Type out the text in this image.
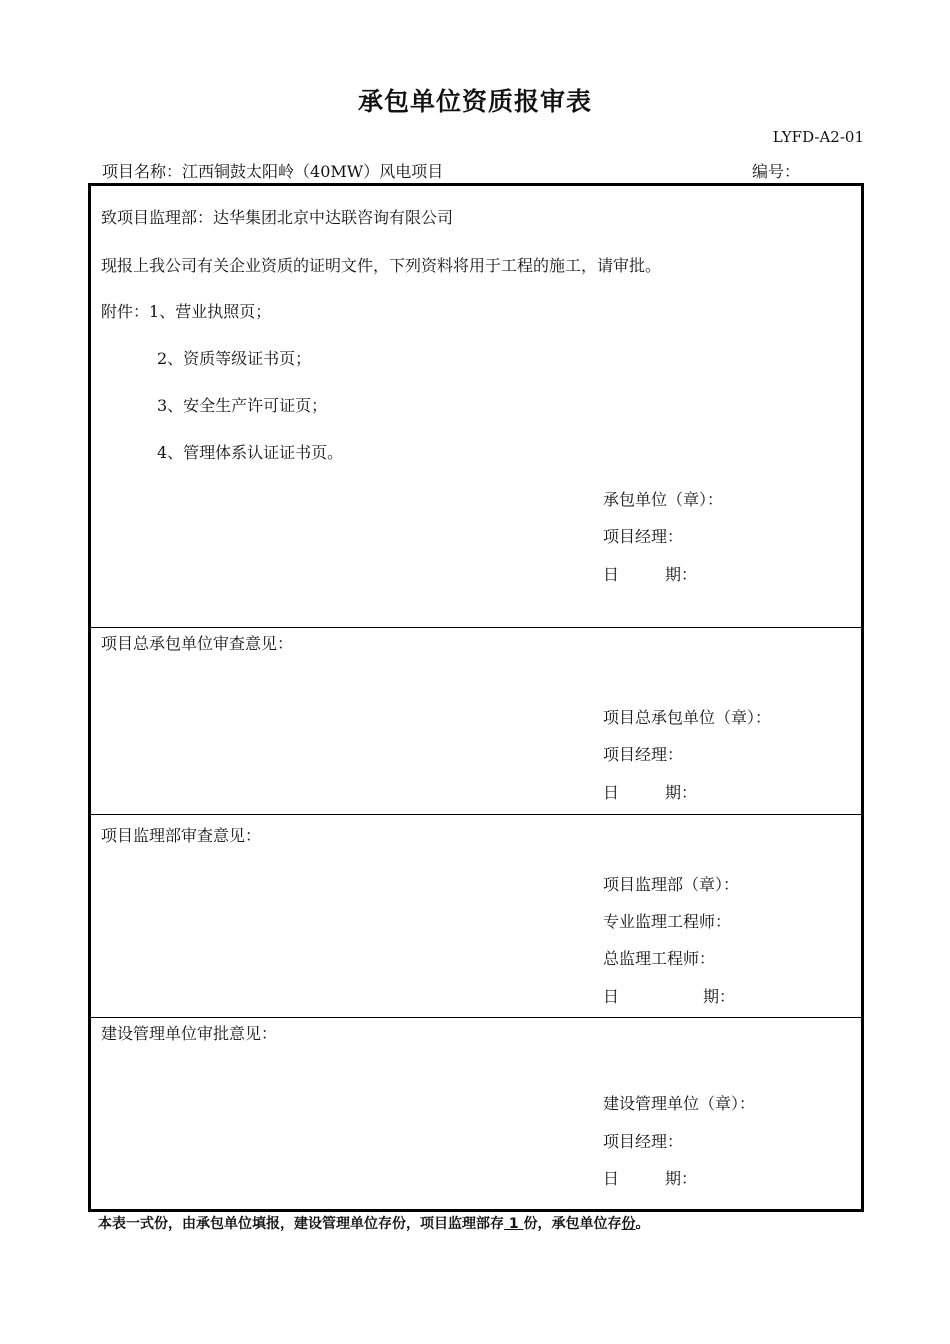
承包单位资质报审表
LYFD-A2-01
项目名称：江西铜鼓太阳岭（40MW）风电项目	编号：
致项目监理部：达华集团北京中达联咨询有限公司
现报上我公司有关企业资质的证明文件，下列资料将用于工程的施工，请审批。
附件：1、营业执照页；
2、资质等级证书页；
3、安全生产许可证页；
4、管理体系认证证书页。
承包单位（章）：
项目经理：
日	期：
项目总承包单位审查意见：
项目总承包单位（章）：
项目经理：
日	期：
项目监理部审查意见：
项目监理部（章）：
专业监理工程师：
总监理工程师：
日	期：
建设管理单位审批意见：
建设管理单位（章）：
项目经理：
日	期：
本表一式份，由承包单位填报，建设管理单位存份，项目监理部存 1 份，承包单位存份。
